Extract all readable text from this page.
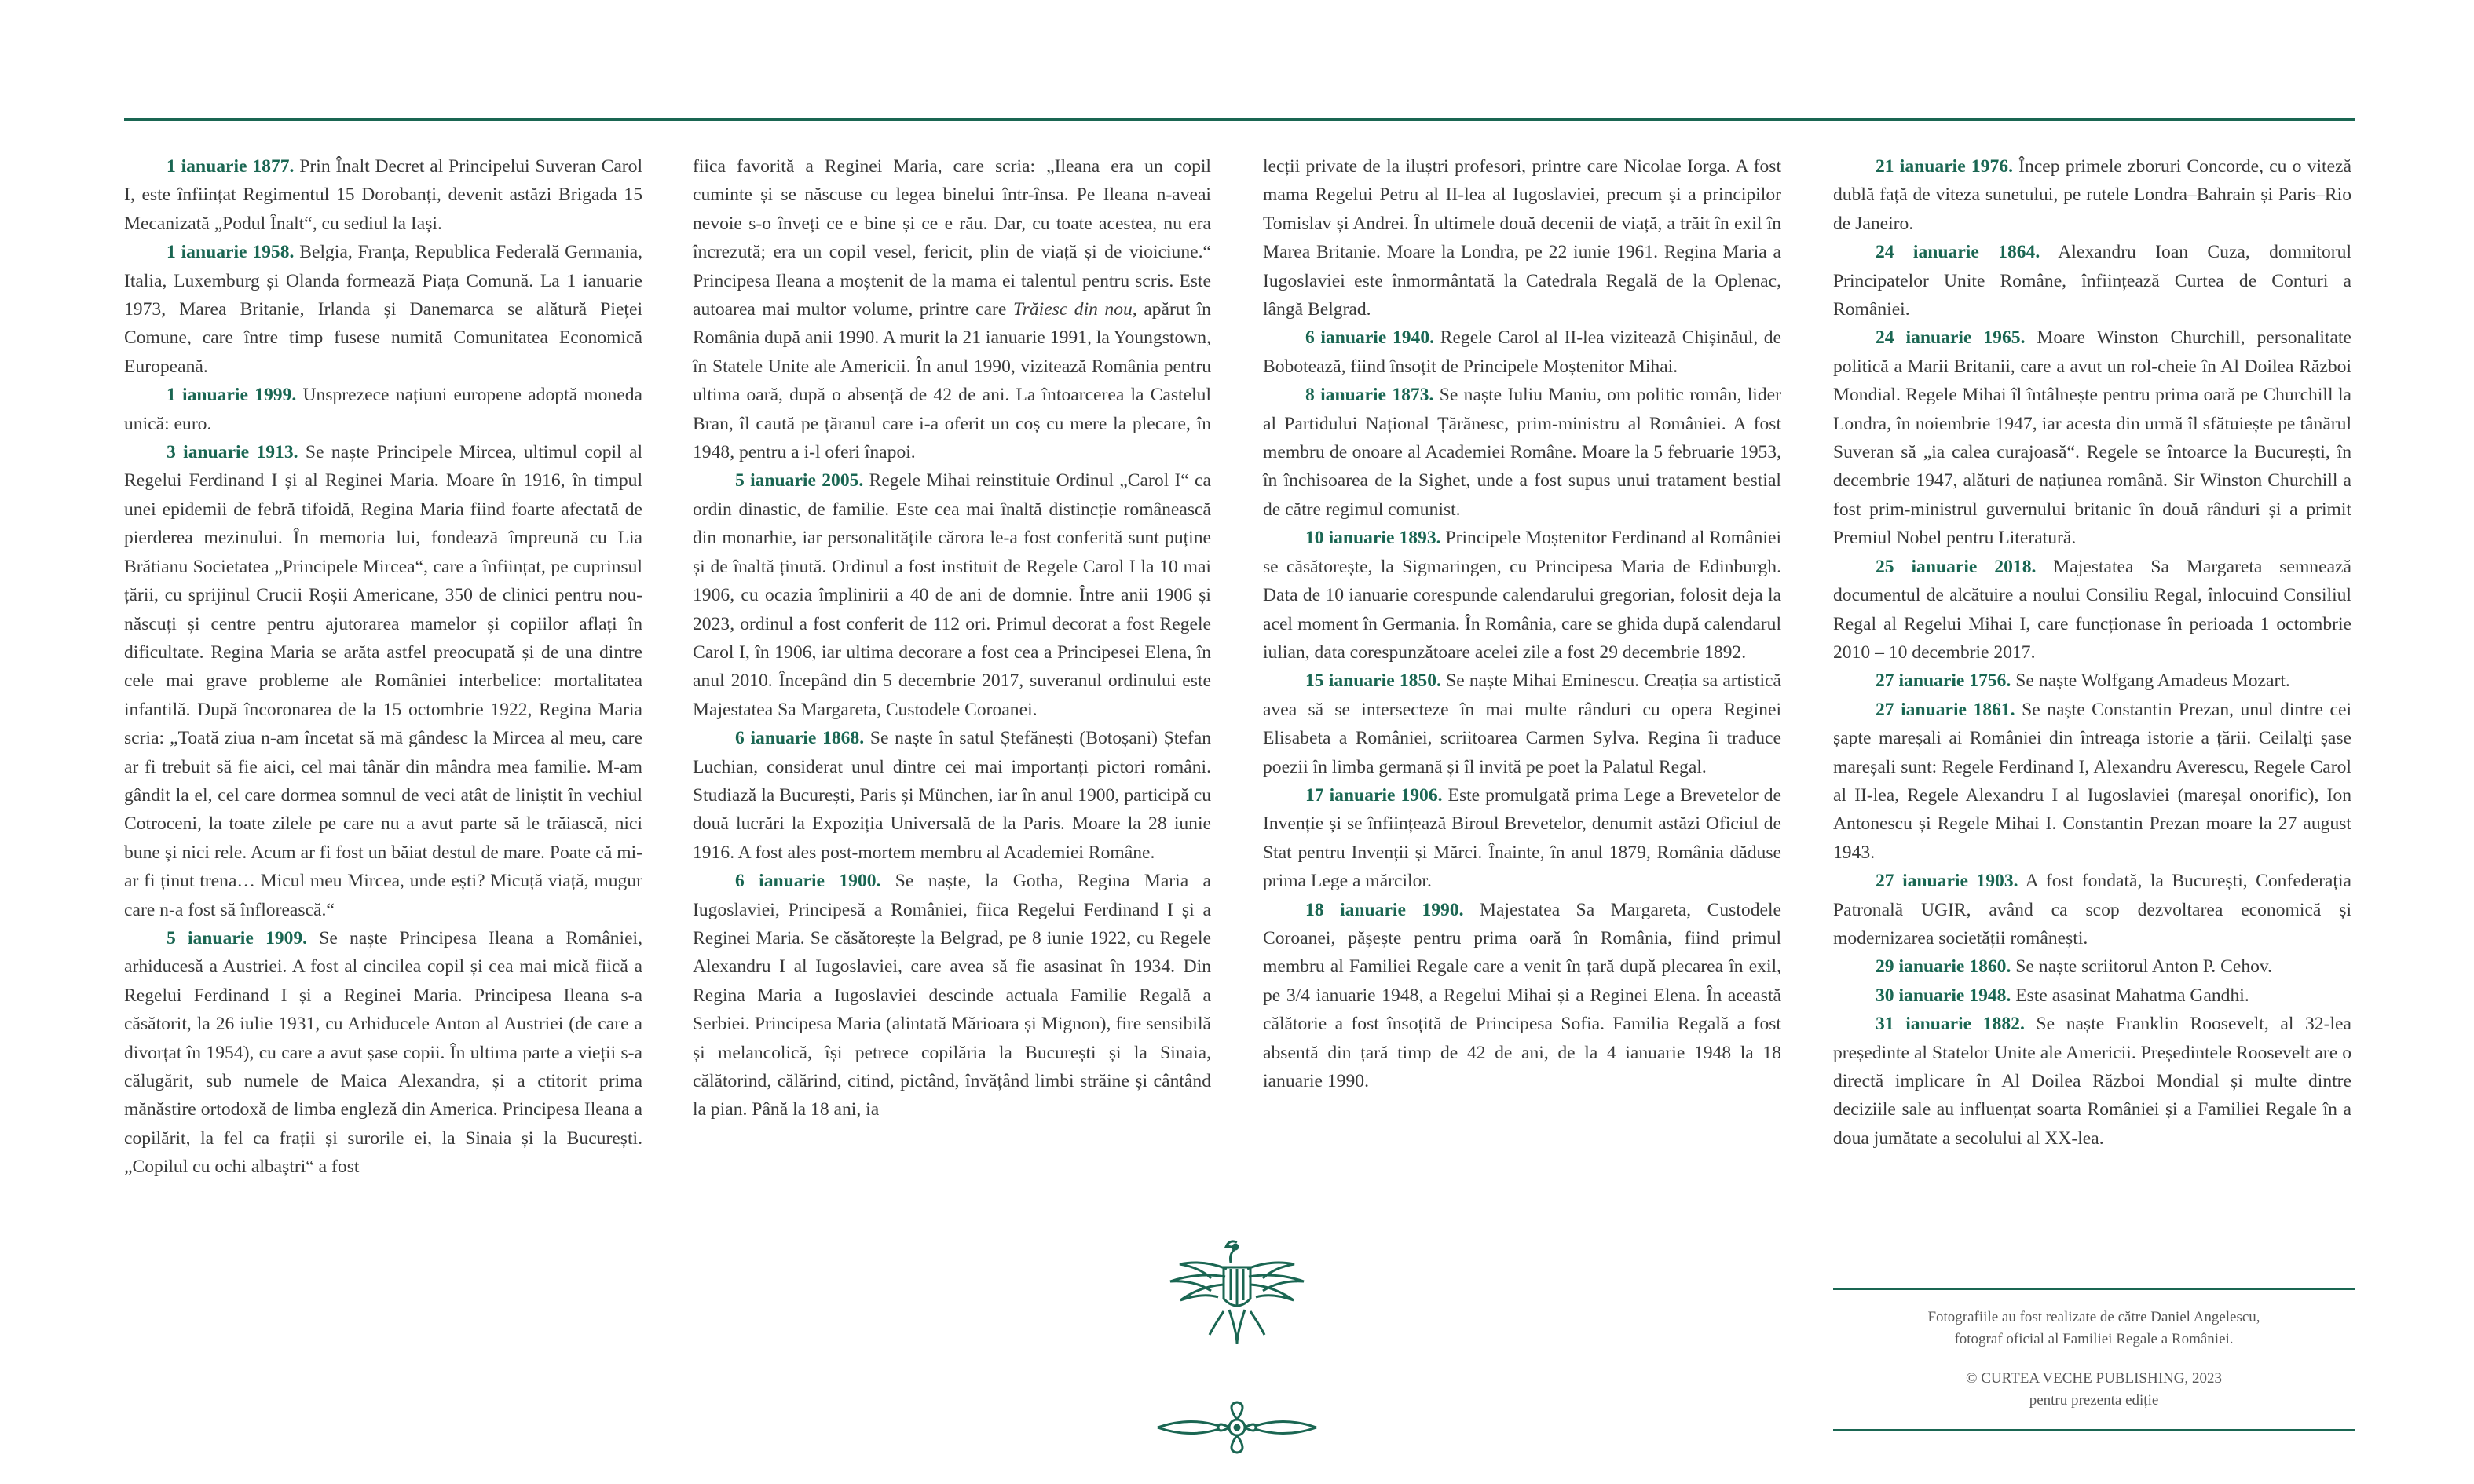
1 ianuarie 1877. Prin Înalt Decret al Principelui Suveran Carol I, este înființat Regimentul 15 Dorobanți, devenit astăzi Brigada 15 Mecanizată „Podul Înalt“, cu sediul la Iași.

1 ianuarie 1958. Belgia, Franța, Republica Federală Germania, Italia, Luxemburg și Olanda formează Piața Comună. La 1 ianuarie 1973, Marea Britanie, Irlanda și Danemarca se alătură Pieței Comune, care între timp fusese numită Comunitatea Economică Europeană.

1 ianuarie 1999. Unsprezece națiuni europene adoptă moneda unică: euro.

3 ianuarie 1913. Se naște Principele Mircea, ultimul copil al Regelui Ferdinand I și al Reginei Maria. Moare în 1916, în timpul unei epidemii de febră tifoidă, Regina Maria fiind foarte afectată de pierderea mezinului. În memoria lui, fondează împreună cu Lia Brătianu Societatea „Principele Mircea“, care a înființat, pe cuprinsul țării, cu sprijinul Crucii Roșii Americane, 350 de clinici pentru nou-născuți și centre pentru ajutorarea mamelor și copiilor aflați în dificultate. Regina Maria se arăta astfel preocupată și de una dintre cele mai grave probleme ale României interbelice: mortalitatea infantilă. După încoronarea de la 15 octombrie 1922, Regina Maria scria: „Toată ziua n-am încetat să mă gândesc la Mircea al meu, care ar fi trebuit să fie aici, cel mai tânăr din mândra mea familie. M-am gândit la el, cel care dormea somnul de veci atât de liniștit în vechiul Cotroceni, la toate zilele pe care nu a avut parte să le trăiască, nici bune și nici rele. Acum ar fi fost un băiat destul de mare. Poate că mi-ar fi ținut trena… Micul meu Mircea, unde ești? Micuță viață, mugur care n-a fost să înflorească.“

5 ianuarie 1909. Se naște Principesa Ileana a României, arhiducesă a Austriei. A fost al cincilea copil și cea mai mică fiică a Regelui Ferdinand I și a Reginei Maria. Principesa Ileana s-a căsătorit, la 26 iulie 1931, cu Arhiducele Anton al Austriei (de care a divorțat în 1954), cu care a avut șase copii. În ultima parte a vieții s-a călugărit, sub numele de Maica Alexandra, și a ctitorit prima mănăstire ortodoxă de limba engleză din America. Principesa Ileana a copilărit, la fel ca frații și surorile ei, la Sinaia și la București. „Copilul cu ochi albaștri“ a fost

fiica favorită a Reginei Maria, care scria: „Ileana era un copil cuminte și se născuse cu legea binelui într-însa. Pe Ileana n-aveai nevoie s-o înveți ce e bine și ce e rău. Dar, cu toate acestea, nu era încrezută; era un copil vesel, fericit, plin de viață și de vioiciune.“ Principesa Ileana a moștenit de la mama ei talentul pentru scris. Este autoarea mai multor volume, printre care Trăiesc din nou, apărut în România după anii 1990. A murit la 21 ianuarie 1991, la Youngstown, în Statele Unite ale Americii. În anul 1990, vizitează România pentru ultima oară, după o absență de 42 de ani. La întoarcerea la Castelul Bran, îl caută pe țăranul care i-a oferit un coș cu mere la plecare, în 1948, pentru a i-l oferi înapoi.

5 ianuarie 2005. Regele Mihai reinstituie Ordinul „Carol I“ ca ordin dinastic, de familie. Este cea mai înaltă distincție românească din monarhie, iar personalitățile cărora le-a fost conferită sunt puține și de înaltă ținută. Ordinul a fost instituit de Regele Carol I la 10 mai 1906, cu ocazia împlinirii a 40 de ani de domnie. Între anii 1906 și 2023, ordinul a fost conferit de 112 ori. Primul decorat a fost Regele Carol I, în 1906, iar ultima decorare a fost cea a Principesei Elena, în anul 2010. Începând din 5 decembrie 2017, suveranul ordinului este Majestatea Sa Margareta, Custodele Coroanei.

6 ianuarie 1868. Se naște în satul Ștefănești (Botoșani) Ștefan Luchian, considerat unul dintre cei mai importanți pictori români. Studiază la București, Paris și München, iar în anul 1900, participă cu două lucrări la Expoziția Universală de la Paris. Moare la 28 iunie 1916. A fost ales post-mortem membru al Academiei Române.

6 ianuarie 1900. Se naște, la Gotha, Regina Maria a Iugoslaviei, Principesă a României, fiica Regelui Ferdinand I și a Reginei Maria. Se căsătorește la Belgrad, pe 8 iunie 1922, cu Regele Alexandru I al Iugoslaviei, care avea să fie asasinat în 1934. Din Regina Maria a Iugoslaviei descinde actuala Familie Regală a Serbiei. Principesa Maria (alintată Mărioara și Mignon), fire sensibilă și melancolică, își petrece copilăria la București și la Sinaia, călătorind, călărind, citind, pictând, învățând limbi străine și cântând la pian. Până la 18 ani, ia

lecții private de la iluștri profesori, printre care Nicolae Iorga. A fost mama Regelui Petru al II-lea al Iugoslaviei, precum și a principilor Tomislav și Andrei. În ultimele două decenii de viață, a trăit în exil în Marea Britanie. Moare la Londra, pe 22 iunie 1961. Regina Maria a Iugoslaviei este înmormântată la Catedrala Regală de la Oplenac, lângă Belgrad.

6 ianuarie 1940. Regele Carol al II-lea vizitează Chișinăul, de Bobotează, fiind însoțit de Principele Moștenitor Mihai.

8 ianuarie 1873. Se naște Iuliu Maniu, om politic român, lider al Partidului Național Țărănesc, prim-ministru al României. A fost membru de onoare al Academiei Române. Moare la 5 februarie 1953, în închisoarea de la Sighet, unde a fost supus unui tratament bestial de către regimul comunist.

10 ianuarie 1893. Principele Moștenitor Ferdinand al României se căsătorește, la Sigmaringen, cu Principesa Maria de Edinburgh. Data de 10 ianuarie corespunde calendarului gregorian, folosit deja la acel moment în Germania. În România, care se ghida după calendarul iulian, data corespunzătoare acelei zile a fost 29 decembrie 1892.

15 ianuarie 1850. Se naște Mihai Eminescu. Creația sa artistică avea să se intersecteze în mai multe rânduri cu opera Reginei Elisabeta a României, scriitoarea Carmen Sylva. Regina îi traduce poezii în limba germană și îl invită pe poet la Palatul Regal.

17 ianuarie 1906. Este promulgată prima Lege a Brevetelor de Invenție și se înființează Biroul Brevetelor, denumit astăzi Oficiul de Stat pentru Invenții și Mărci. Înainte, în anul 1879, România dăduse prima Lege a mărcilor.

18 ianuarie 1990. Majestatea Sa Margareta, Custodele Coroanei, pășește pentru prima oară în România, fiind primul membru al Familiei Regale care a venit în țară după plecarea în exil, pe 3/4 ianuarie 1948, a Regelui Mihai și a Reginei Elena. În această călătorie a fost însoțită de Principesa Sofia. Familia Regală a fost absentă din țară timp de 42 de ani, de la 4 ianuarie 1948 la 18 ianuarie 1990.

21 ianuarie 1976. Încep primele zboruri Concorde, cu o viteză dublă față de viteza sunetului, pe rutele Londra–Bahrain și Paris–Rio de Janeiro.

24 ianuarie 1864. Alexandru Ioan Cuza, domnitorul Principatelor Unite Române, înființează Curtea de Conturi a României.

24 ianuarie 1965. Moare Winston Churchill, personalitate politică a Marii Britanii, care a avut un rol-cheie în Al Doilea Război Mondial. Regele Mihai îl întâlnește pentru prima oară pe Churchill la Londra, în noiembrie 1947, iar acesta din urmă îl sfătuiește pe tânărul Suveran să „ia calea curajoasă“. Regele se întoarce la București, în decembrie 1947, alături de națiunea română. Sir Winston Churchill a fost prim-ministrul guvernului britanic în două rânduri și a primit Premiul Nobel pentru Literatură.

25 ianuarie 2018. Majestatea Sa Margareta semnează documentul de alcătuire a noului Consiliu Regal, înlocuind Consiliul Regal al Regelui Mihai I, care funcționase în perioada 1 octombrie 2010 – 10 decembrie 2017.

27 ianuarie 1756. Se naște Wolfgang Amadeus Mozart.

27 ianuarie 1861. Se naște Constantin Prezan, unul dintre cei șapte mareșali ai României din întreaga istorie a țării. Ceilalți șase mareșali sunt: Regele Ferdinand I, Alexandru Averescu, Regele Carol al II-lea, Regele Alexandru I al Iugoslaviei (mareșal onorific), Ion Antonescu și Regele Mihai I. Constantin Prezan moare la 27 august 1943.

27 ianuarie 1903. A fost fondată, la București, Confederația Patronală UGIR, având ca scop dezvoltarea economică și modernizarea societății românești.

29 ianuarie 1860. Se naște scriitorul Anton P. Cehov.

30 ianuarie 1948. Este asasinat Mahatma Gandhi.

31 ianuarie 1882. Se naște Franklin Roosevelt, al 32-lea președinte al Statelor Unite ale Americii. Președintele Roosevelt are o directă implicare în Al Doilea Război Mondial și multe dintre deciziile sale au influențat soarta României și a Familiei Regale în a doua jumătate a secolului al XX-lea.

Fotografiile au fost realizate de către Daniel Angelescu,
fotograf oficial al Familiei Regale a României.
© CURTEA VECHE PUBLISHING, 2023
pentru prezenta ediție
